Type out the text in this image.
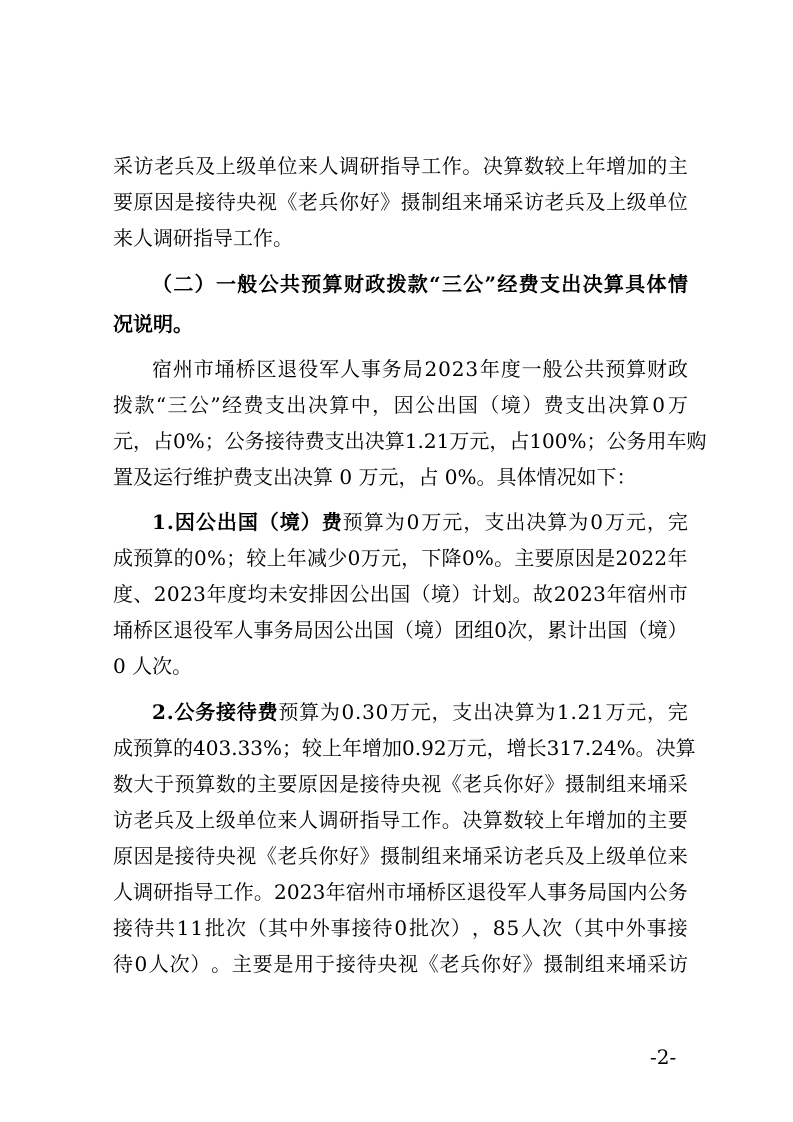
采 访 老 兵 及 上 级 单 位 来 人 调 研 指 导 工 作 。 决 算 数 较 上 年 增 加 的 主
要 原 因 是 接 待 央 视 《 老 兵 你 好 》 摄 制 组 来 埇 采 访 老 兵 及 上 级 单 位
来人调研指导工作。
（ 二 ） 一 般 公 共 预 算 财 政 拨 款 “ 三 公 ” 经 费 支 出 决 算 具 体 情
况说明。
宿 州 市 埇 桥 区 退 役 军 人 事 务 局 2 0 2 3 年 度 一 般 公 共 预 算 财 政
拨 款 “ 三 公 ” 经 费 支 出 决 算 中 ， 因 公 出 国 （ 境 ） 费 支 出 决 算 0 万
元 ， 占 0 % ； 公 务 接 待 费 支 出 决 算 1 . 2 1 万 元 ， 占 1 0 0 % ； 公 务 用 车 购
置及运行维护费支出决算 0 万元，占 0%。具体情况如下：
1 . 因 公 出 国 （ 境 ） 费 预 算 为 0 万 元 ， 支 出 决 算 为 0 万 元 ， 完
成 预 算 的 0 % ； 较 上 年 减 少 0 万 元 ， 下 降 0 % 。 主 要 原 因 是 2 0 2 2 年
度 、 2 0 2 3 年 度 均 未 安 排 因 公 出 国 （ 境 ） 计 划 。 故 2 0 2 3 年 宿 州 市
埇 桥 区 退 役 军 人 事 务 局 因 公 出 国 （ 境 ） 团 组 0 次 ， 累 计 出 国 （ 境 ）
0 人次。
2 . 公 务 接 待 费 预 算 为 0 . 3 0 万 元 ， 支 出 决 算 为 1 . 2 1 万 元 ， 完
成 预 算 的 4 0 3 . 3 3 % ； 较 上 年 增 加 0 . 9 2 万 元 ， 增 长 3 1 7 . 2 4 % 。 决 算
数 大 于 预 算 数 的 主 要 原 因 是 接 待 央 视 《 老 兵 你 好 》 摄 制 组 来 埇 采
访 老 兵 及 上 级 单 位 来 人 调 研 指 导 工 作 。 决 算 数 较 上 年 增 加 的 主 要
原 因 是 接 待 央 视 《 老 兵 你 好 》 摄 制 组 来 埇 采 访 老 兵 及 上 级 单 位 来
人 调 研 指 导 工 作 。 2 0 2 3 年 宿 州 市 埇 桥 区 退 役 军 人 事 务 局 国 内 公 务
接 待 共 1 1 批 次 （ 其 中 外 事 接 待 0 批 次 ） ， 8 5 人 次 （ 其 中 外 事 接
待 0 人 次 ） 。 主 要 是 用 于 接 待 央 视 《 老 兵 你 好 》 摄 制 组 来 埇 采 访
-2-
